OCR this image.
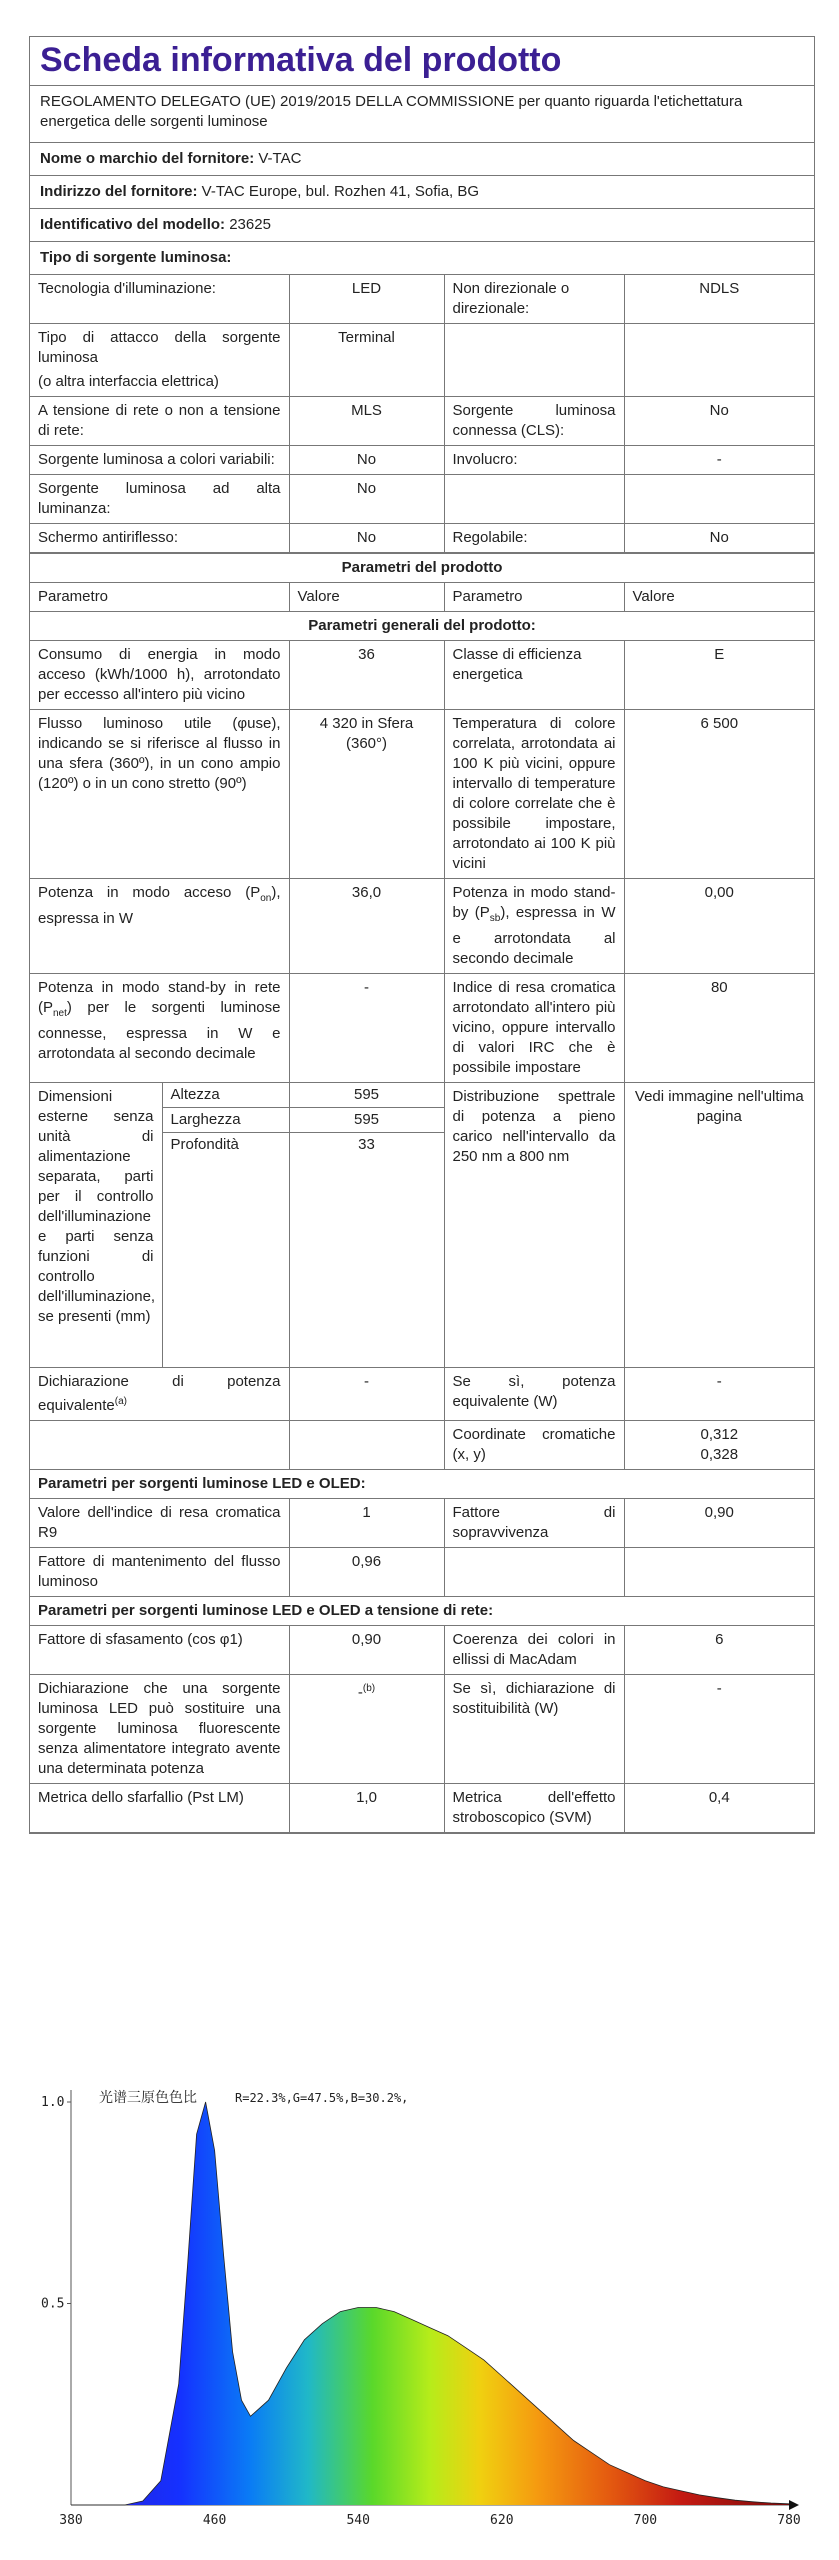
Scheda informativa del prodotto
REGOLAMENTO DELEGATO (UE) 2019/2015 DELLA COMMISSIONE per quanto riguarda l'etichettatura energetica delle sorgenti luminose
Nome o marchio del fornitore: V-TAC
Indirizzo del fornitore: V-TAC Europe, bul. Rozhen 41, Sofia, BG
Identificativo del modello: 23625
Tipo di sorgente luminosa:
Tecnologia d'illuminazione:	LED	Non direzionale o direzionale:	NDLS

Tipo di attacco della sorgente luminosa
(o altra interfaccia elettrica)	Terminal		
A tensione di rete o non a tensione di rete:	MLS	Sorgente luminosa connessa (CLS):	No
Sorgente luminosa a colori variabili:	No	Involucro:	-
Sorgente luminosa ad alta luminanza:	No		
Schermo antiriflesso:	No	Regolabile:	No
Parametri del prodotto				
Parametro		Valore	Parametro	Valore
Parametri generali del prodotto:				
Consumo di energia in modo acceso (kWh/1000 h), arrotondato per eccesso all'intero più vicino		36	Classe di efficienza energetica	E
Flusso luminoso utile (φuse), indicando se si riferisce al flusso in una sfera (360º), in un cono ampio (120º) o in un cono stretto (90º)		4 320 in Sfera (360°)	Temperatura di colore correlata, arrotondata ai 100 K più vicini, oppure intervallo di temperature di colore correlate che è possibile impostare, arrotondato ai 100 K più vicini	6 500
Potenza in modo acceso $(P_{on})$, espressa in W		36,0	Potenza in modo stand-by $(P_{sb})$, espressa in W e arrotondata al secondo decimale	0,00
Potenza in modo stand-by in rete $(P_{net})$ per le sorgenti luminose connesse, espressa in W e arrotondata al secondo decimale		-	Indice di resa cromatica arrotondato all'intero più vicino, oppure intervallo di valori IRC che è possibile impostare	80
Dimensioni esterne senza unità di alimentazione separata, parti per il controllo dell'illuminazione e parti senza funzioni di controllo dell'illuminazione, se presenti (mm)	Altezza	595	Distribuzione spettrale di potenza a pieno carico nell'intervallo da 250 nm a 800 nm	Vedi immagine nell'ultima pagina
	Larghezza	595		
	Profondità	33		
Dichiarazione di potenza equivalente$^{(a)}$		-	Se sì, potenza equivalente (W)	-
			Coordinate cromatiche (x, y)	0,312
0,328

Parametri per sorgenti luminose LED e OLED:				
Valore dell'indice di resa cromatica R9		1	Fattore di sopravvivenza	0,90
Fattore di mantenimento del flusso luminoso		0,96		
Parametri per sorgenti luminose LED e OLED a tensione di rete:				
Fattore di sfasamento (cos φ1)		0,90	Coerenza dei colori in ellissi di MacAdam	6
Dichiarazione che una sorgente luminosa LED può sostituire una sorgente luminosa fluorescente senza alimentatore integrato avente una determinata potenza		-$^{(b)}$	Se sì, dichiarazione di sostituibilità (W)	-
Metrica dello sfarfallio (Pst LM)		1,0	Metrica dell'effetto stroboscopico (SVM)	0,4
光谱三原色色比	R=22.3%,G=47.5%,B=30.2%,
1.0
0.5
380	460	540	620	700	780
